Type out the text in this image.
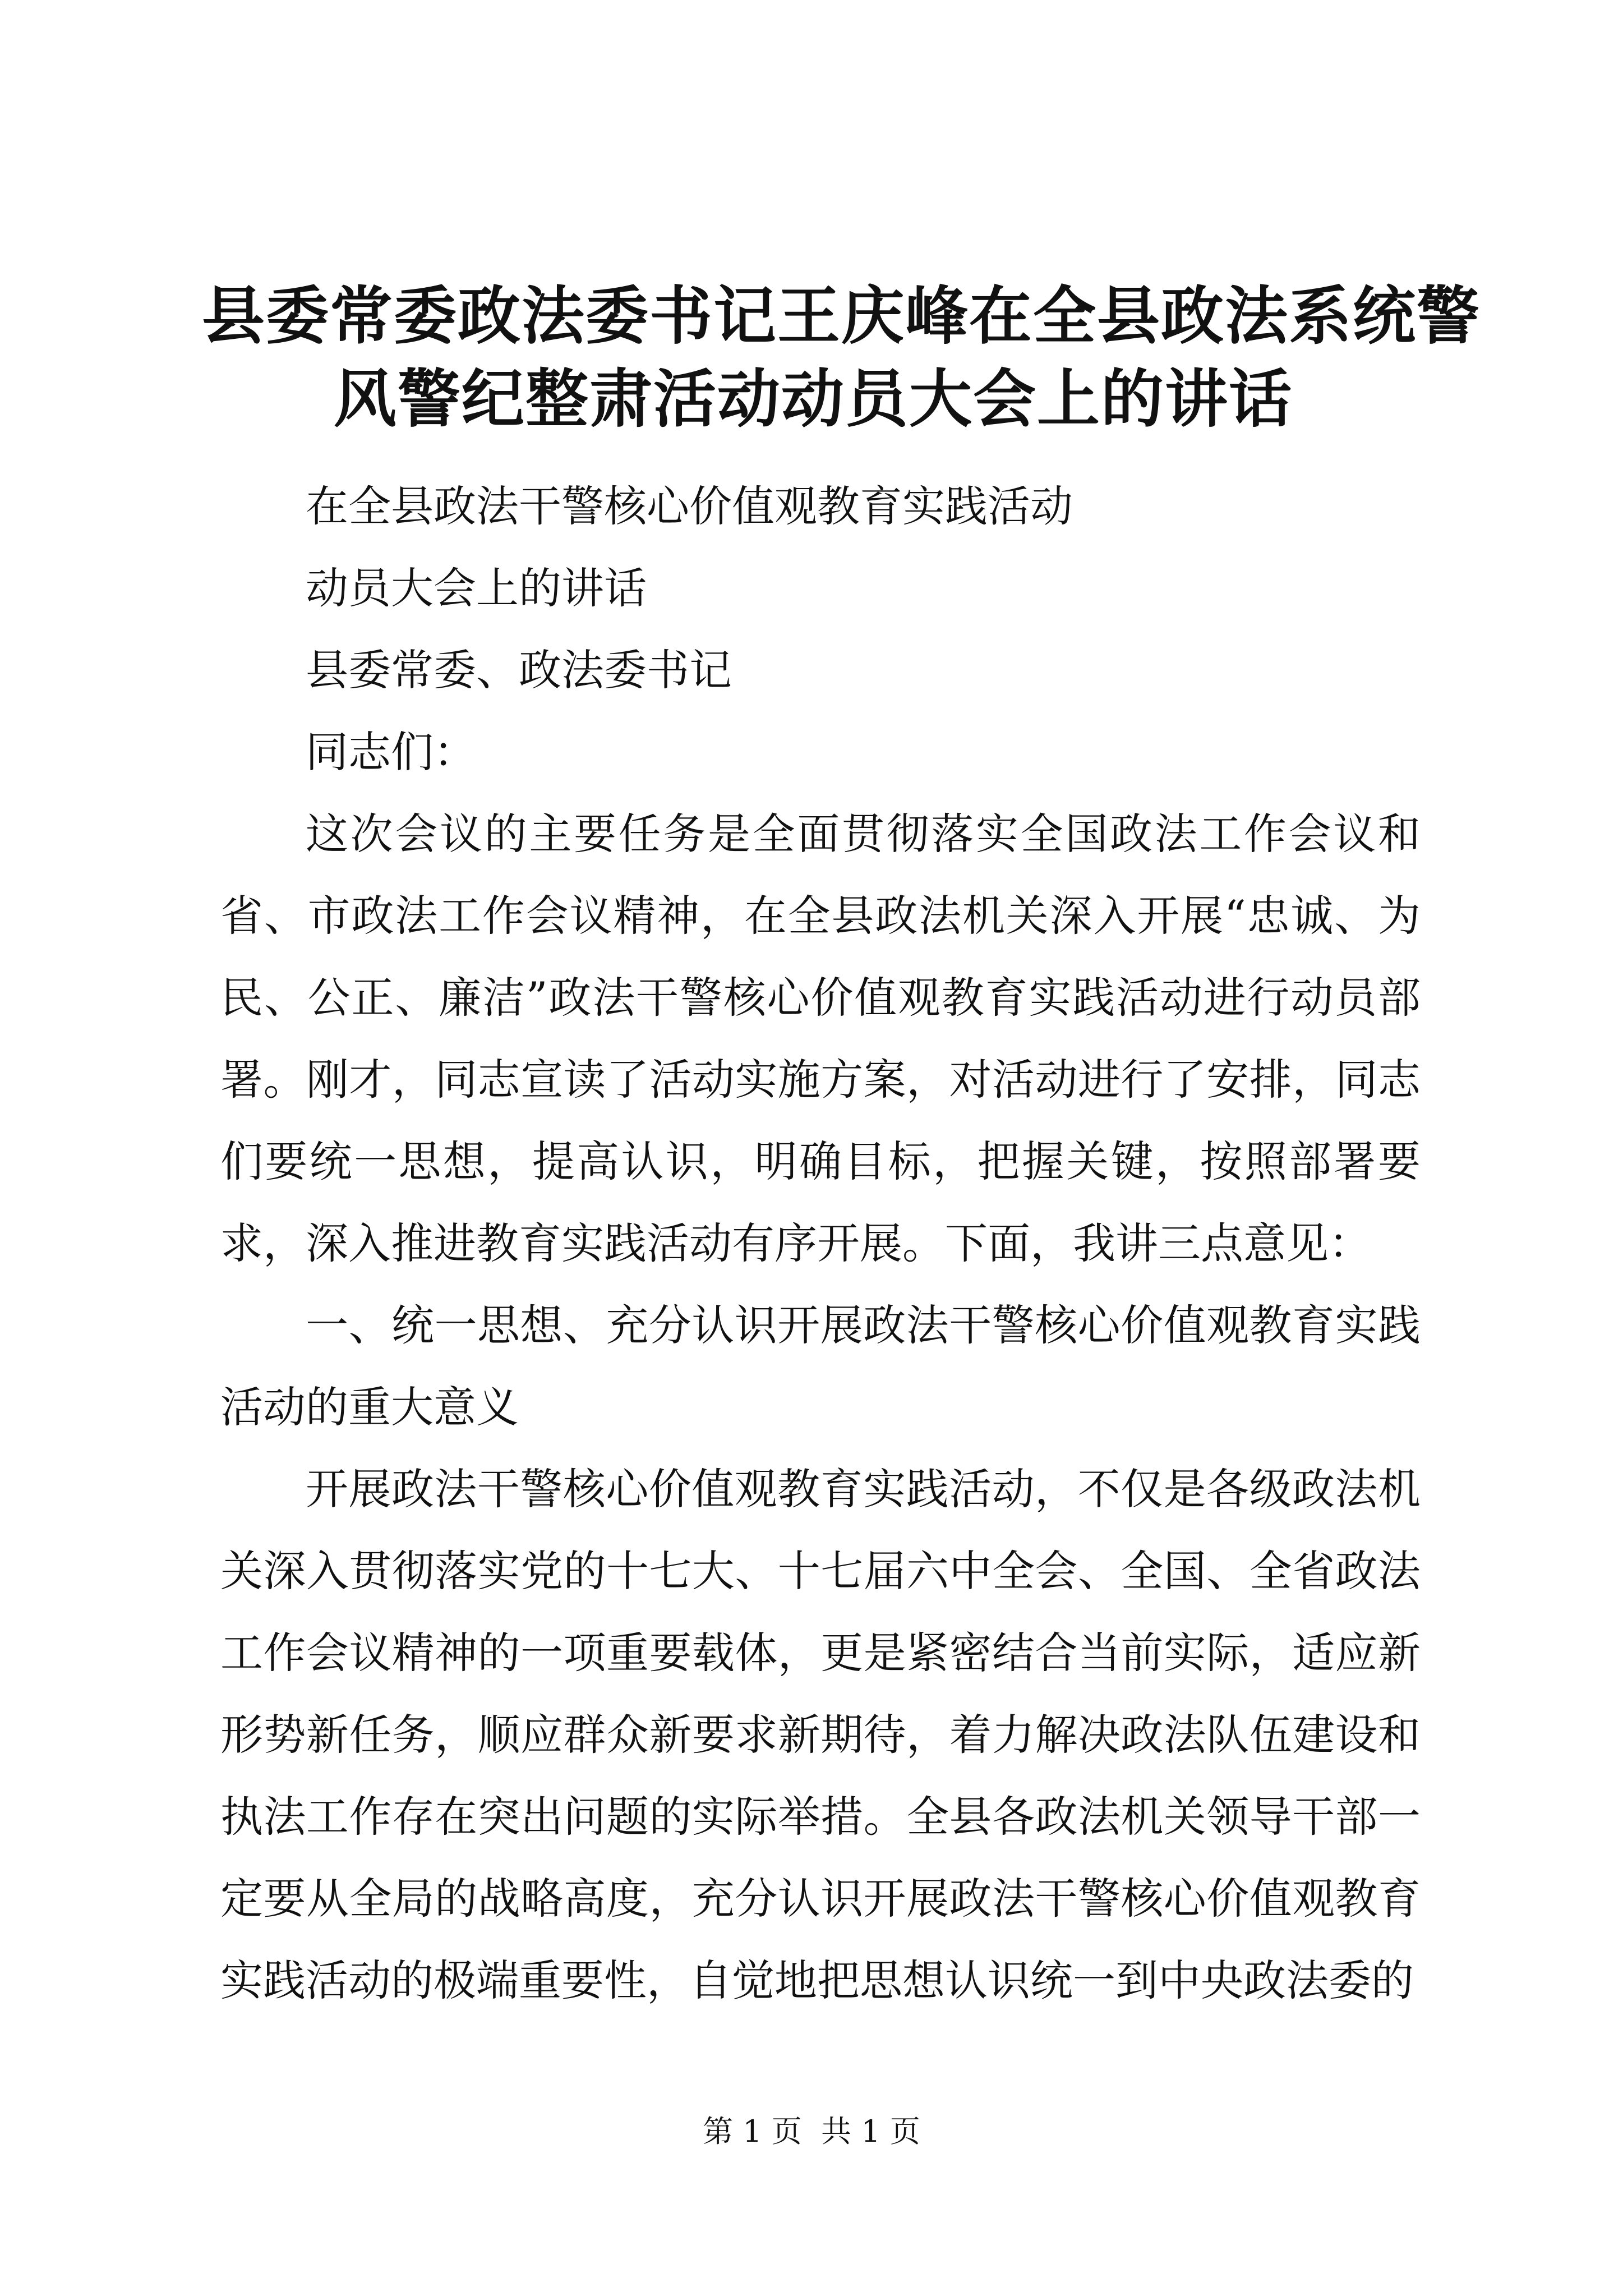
县委常委政法委书记王庆峰在全县政法系统警
风警纪整肃活动动员大会上的讲话

在全县政法干警核心价值观教育实践活动

动员大会上的讲话

县委常委、政法委书记

同志们：

这次会议的主要任务是全面贯彻落实全国政法工作会议和省、市政法工作会议精神，在全县政法机关深入开展“忠诚、为民、公正、廉洁”政法干警核心价值观教育实践活动进行动员部署。刚才，同志宣读了活动实施方案，对活动进行了安排，同志们要统一思想，提高认识，明确目标，把握关键，按照部署要求，深入推进教育实践活动有序开展。下面，我讲三点意见：

一、统一思想、充分认识开展政法干警核心价值观教育实践活动的重大意义

开展政法干警核心价值观教育实践活动，不仅是各级政法机关深入贯彻落实党的十七大、十七届六中全会、全国、全省政法工作会议精神的一项重要载体，更是紧密结合当前实际，适应新形势新任务，顺应群众新要求新期待，着力解决政法队伍建设和执法工作存在突出问题的实际举措。全县各政法机关领导干部一定要从全局的战略高度，充分认识开展政法干警核心价值观教育实践活动的极端重要性，自觉地把思想认识统一到中央政法委的

第 1 页  共 1 页
